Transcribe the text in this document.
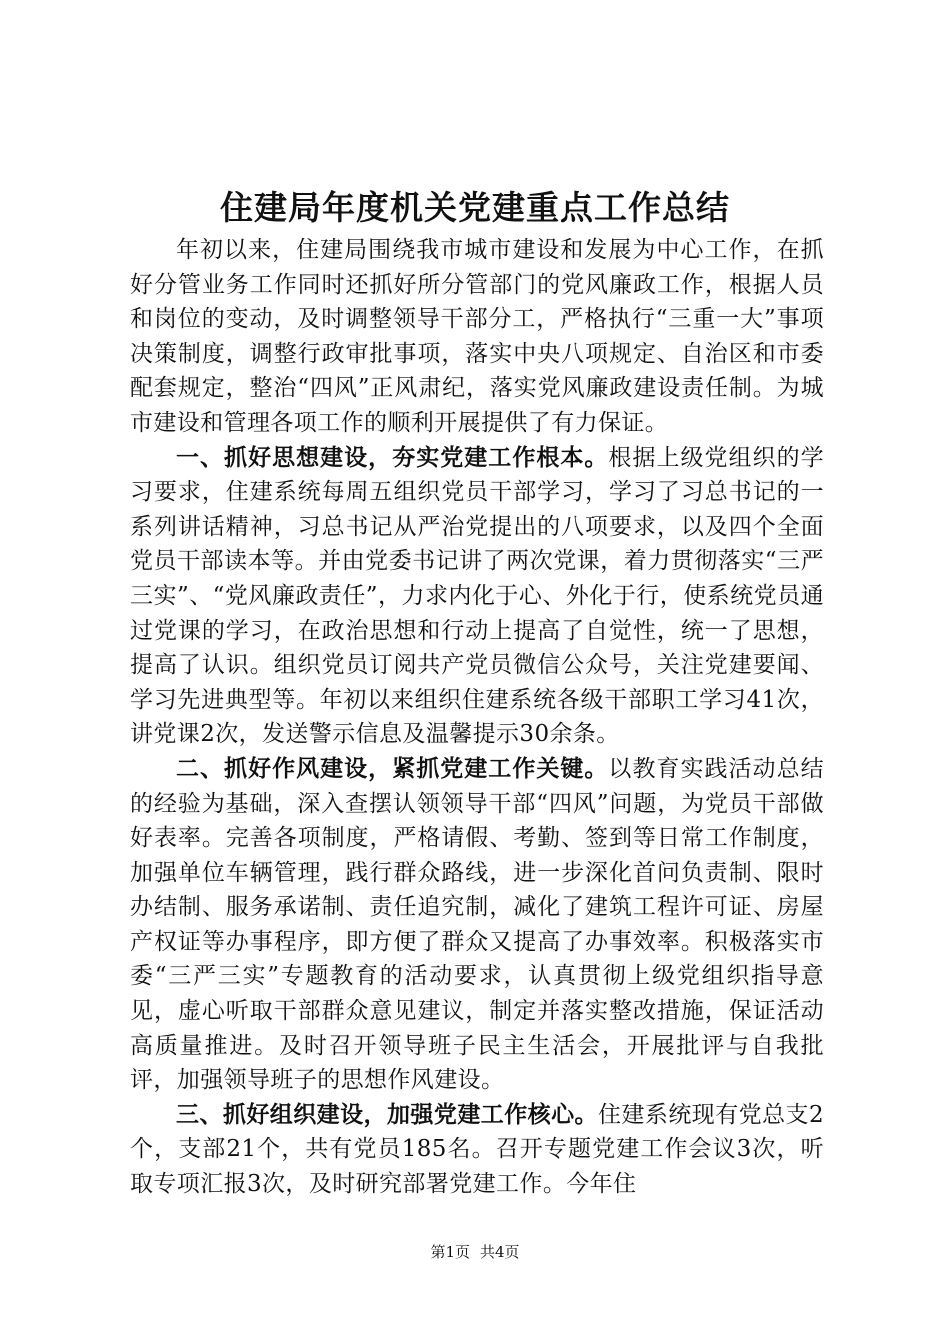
住建局年度机关党建重点工作总结

年初以来，住建局围绕我市城市建设和发展为中心工作，在抓好分管业务工作同时还抓好所分管部门的党风廉政工作，根据人员和岗位的变动，及时调整领导干部分工，严格执行“三重一大”事项决策制度，调整行政审批事项，落实中央八项规定、自治区和市委配套规定，整治“四风”正风肃纪，落实党风廉政建设责任制。为城市建设和管理各项工作的顺利开展提供了有力保证。

一、抓好思想建设，夯实党建工作根本。根据上级党组织的学习要求，住建系统每周五组织党员干部学习，学习了习总书记的一系列讲话精神，习总书记从严治党提出的八项要求，以及四个全面党员干部读本等。并由党委书记讲了两次党课，着力贯彻落实“三严三实”、“党风廉政责任”，力求内化于心、外化于行，使系统党员通过党课的学习，在政治思想和行动上提高了自觉性，统一了思想，提高了认识。组织党员订阅共产党员微信公众号，关注党建要闻、学习先进典型等。年初以来组织住建系统各级干部职工学习41次，讲党课2次，发送警示信息及温馨提示30余条。

二、抓好作风建设，紧抓党建工作关键。以教育实践活动总结的经验为基础，深入查摆认领领导干部“四风”问题，为党员干部做好表率。完善各项制度，严格请假、考勤、签到等日常工作制度，加强单位车辆管理，践行群众路线，进一步深化首问负责制、限时办结制、服务承诺制、责任追究制，减化了建筑工程许可证、房屋产权证等办事程序，即方便了群众又提高了办事效率。积极落实市委“三严三实”专题教育的活动要求，认真贯彻上级党组织指导意见，虚心听取干部群众意见建议，制定并落实整改措施，保证活动高质量推进。及时召开领导班子民主生活会，开展批评与自我批评，加强领导班子的思想作风建设。

三、抓好组织建设，加强党建工作核心。住建系统现有党总支2个，支部21个，共有党员185名。召开专题党建工作会议3次，听取专项汇报3次，及时研究部署党建工作。今年住

第1页 共4页
